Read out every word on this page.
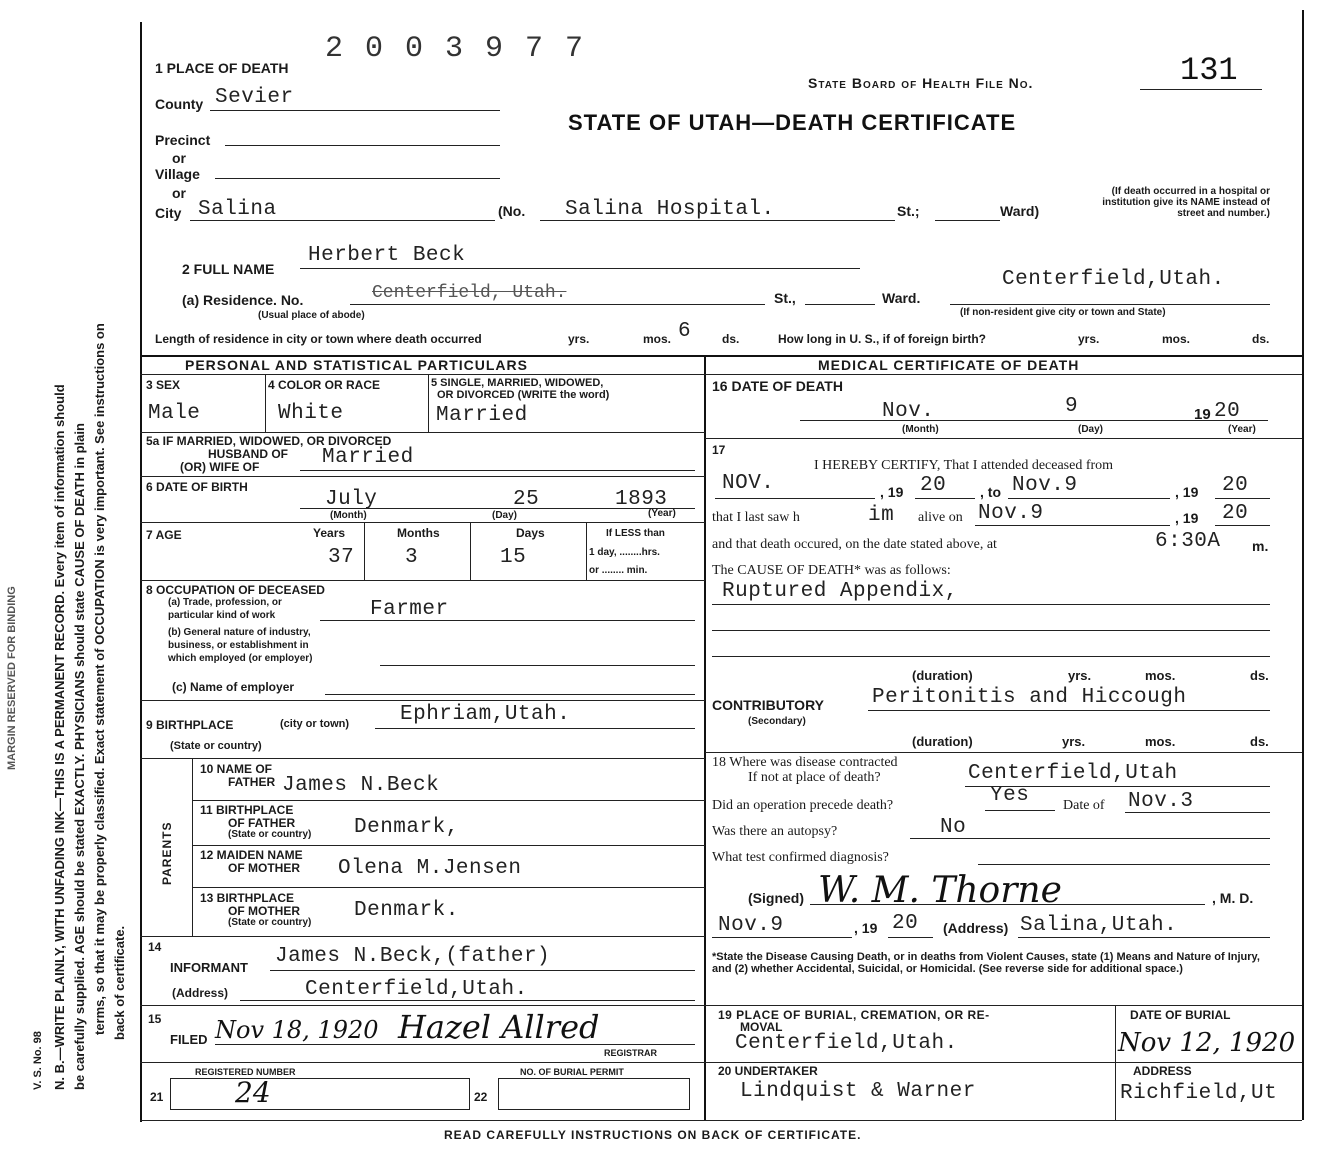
N. B.—WRITE PLAINLY, WITH UNFADING INK—THIS IS A PERMANENT RECORD. Every item of information should be carefully supplied. AGE should be stated EXACTLY. PHYSICIANS should state CAUSE OF DEATH in plain terms, so that it may be properly classified. Exact statement of OCCUPATION is very important. See instructions on back of certificate.
V. S. No. 98
MARGIN RESERVED FOR BINDING
2 0 0 3 9 7 7
1 PLACE OF DEATH
State Board of Health File No.	131
STATE OF UTAH—DEATH CERTIFICATE
County Sevier
Precinct
or
Village
or
City Salina	(No. Salina Hospital.	St.;	Ward)
(If death occurred in a hospital or institution give its NAME instead of street and number.)
2 FULL NAME
Herbert Beck
Centerfield,Utah.
(a) Residence. No.	Centerfield, Utah.	St.,	Ward.
(Usual place of abode)	(If non-resident give city or town and State)
Length of residence in city or town where death occurred	yrs.	mos. 6	ds.	How long in U. S., if of foreign birth?	yrs.	mos.	ds.
PERSONAL AND STATISTICAL PARTICULARS	MEDICAL CERTIFICATE OF DEATH
3 SEX
Male
4 COLOR OR RACE
White
5 SINGLE, MARRIED, WIDOWED,
OR DIVORCED (WRITE the word)
Married
5a IF MARRIED, WIDOWED, OR DIVORCED
HUSBAND OF
(OR) WIFE OF	Married
6 DATE OF BIRTH
July	25	1893
(Month)	(Day)	(Year)
7 AGE	Years
37
Months
3
Days
15
If LESS than
1 day, ........hrs.
or ........ min.
8 OCCUPATION OF DECEASED
(a) Trade, profession, or
particular kind of work	Farmer
(b) General nature of industry,
business, or establishment in
which employed (or employer)
(c) Name of employer
9 BIRTHPLACE	(city or town)
(State or country)
Ephriam,Utah.
PARENTS
10 NAME OF
FATHER James N.Beck
11 BIRTHPLACE
OF FATHER
(State or country) Denmark,
12 MAIDEN NAME
OF MOTHER Olena M.Jensen
13 BIRTHPLACE
OF MOTHER
(State or country)
Denmark.
14
INFORMANT James N.Beck,(father)
(Address)	Centerfield,Utah.
15
FILED Nov 18, 1920 Hazel Allred
REGISTRAR
21
REGISTERED NUMBER
24	22
NO. OF BURIAL PERMIT
16 DATE OF DEATH
Nov.	9	19 20
(Month)	(Day)	(Year)
17
I HEREBY CERTIFY, That I attended deceased from
NOV.	, 19 20 , to Nov.9	, 19 20
that I last saw h	im alive on Nov.9	, 19 20
and that death occured, on the date stated above, at	6:30A m.
The CAUSE OF DEATH* was as follows:
Ruptured Appendix,
(duration)	yrs.	mos.	ds.
CONTRIBUTORY
(Secondary)
Peritonitis and Hiccough
(duration)	yrs.	mos.	ds.
18 Where was disease contracted
If not at place of death?	Centerfield,Utah
Did an operation precede death?	Yes Date of Nov.3
Was there an autopsy?	No
What test confirmed diagnosis?
(Signed) W. M. Thorne	, M. D.
Nov.9	, 19 20 (Address) Salina,Utah.
*State the Disease Causing Death, or in deaths from Violent Causes, state (1) Means and Nature of Injury, and (2) whether Accidental, Suicidal, or Homicidal. (See reverse side for additional space.)
19 PLACE OF BURIAL, CREMATION, OR RE-
MOVAL
Centerfield,Utah.
DATE OF BURIAL
Nov 12, 1920
20 UNDERTAKER
Lindquist & Warner
ADDRESS
Richfield,Ut
READ CAREFULLY INSTRUCTIONS ON BACK OF CERTIFICATE.
